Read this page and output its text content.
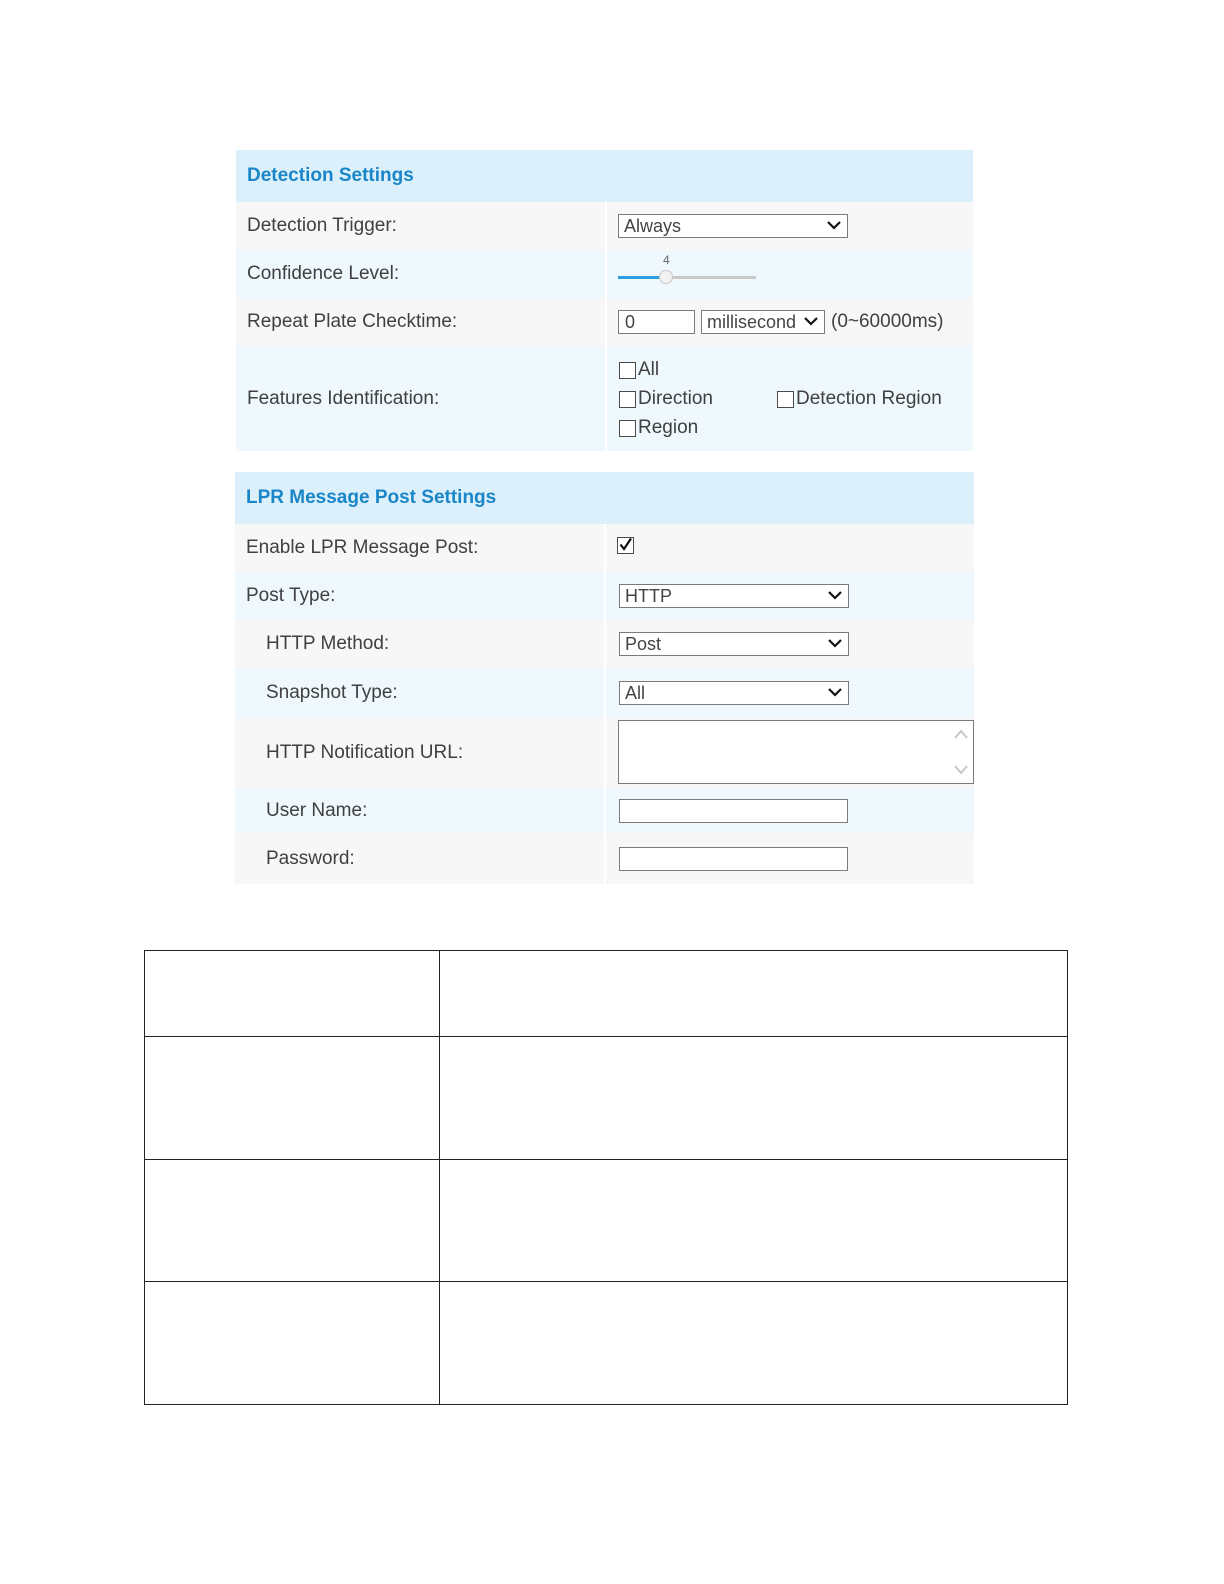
Detection Settings
Detection Trigger:	Always
Confidence Level:
4
Repeat Plate Checktime:	0	millisecond (0~60000ms)
Features Identification:
All
Direction	Detection Region
Region
LPR Message Post Settings
Enable LPR Message Post:
Post Type:	HTTP
HTTP Method:	Post
Snapshot Type:	All
HTTP Notification URL:
User Name:
Password:
